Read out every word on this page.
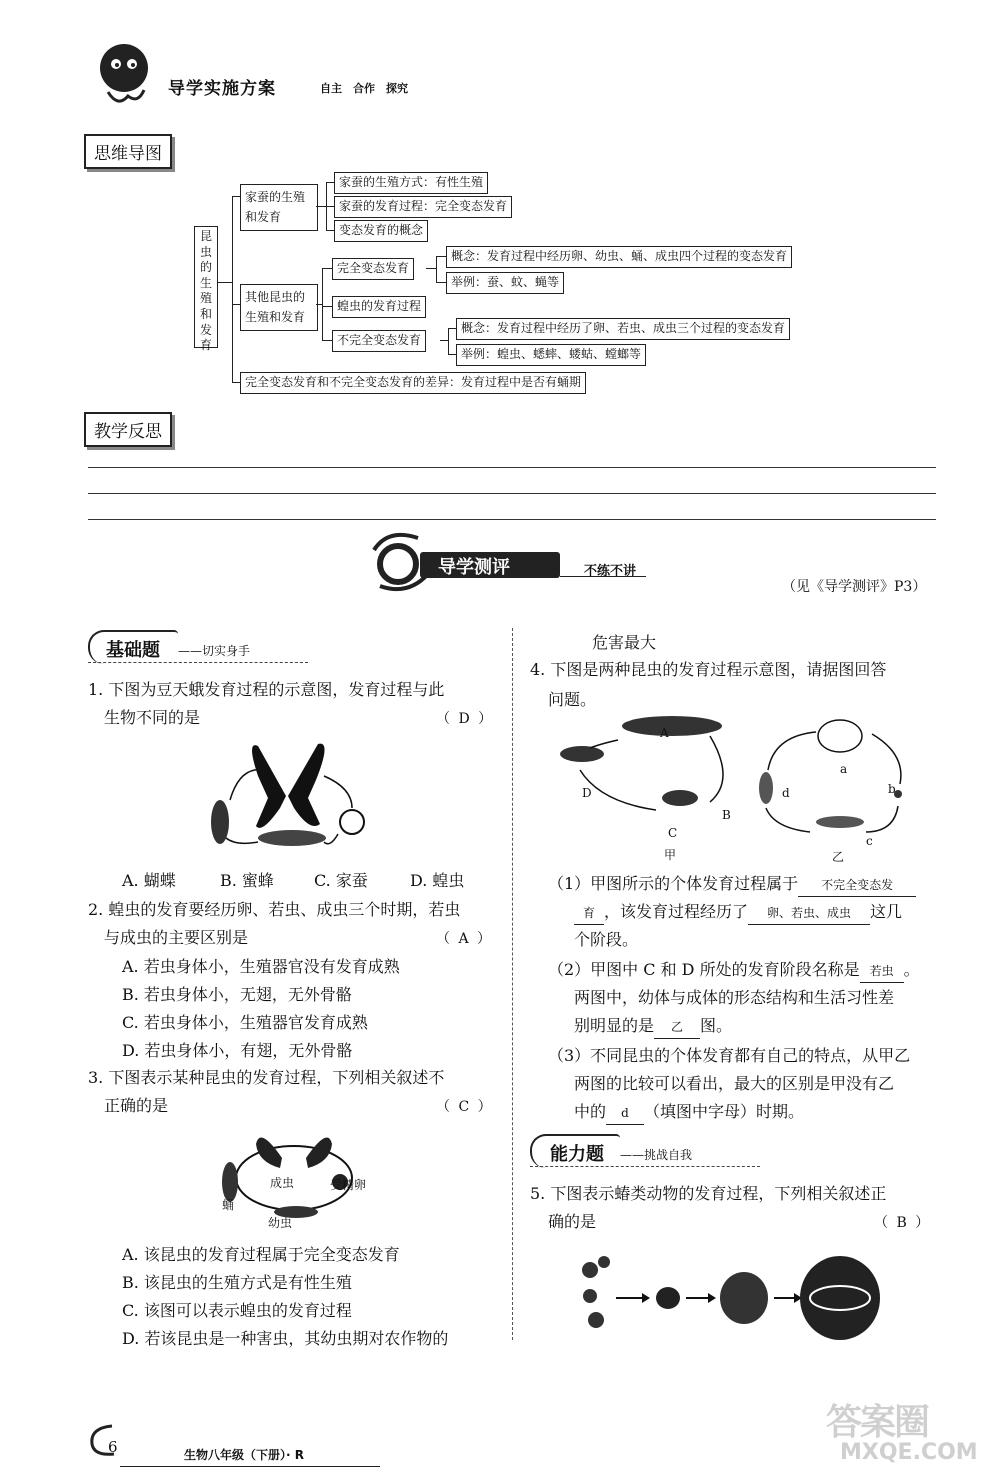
导学实施方案	自主　合作　探究
思维导图
昆虫的生殖和发育
家蚕的生殖和发育
家蚕的生殖方式：有性生殖
家蚕的发育过程：完全变态发育
变态发育的概念
其他昆虫的生殖和发育
完全变态发育
概念：发育过程中经历卵、幼虫、蛹、成虫四个过程的变态发育
举例：蚕、蚊、蝇等
蝗虫的发育过程
不完全变态发育
概念：发育过程中经历了卵、若虫、成虫三个过程的变态发育
举例：蝗虫、蟋蟀、蝼蛄、螳螂等
完全变态发育和不完全变态发育的差异：发育过程中是否有蛹期
教学反思
导学测评	不练不讲
（见《导学测评》P3）
基础题 ——切实身手
1. 下图为豆天蛾发育过程的示意图，发育过程与此
生物不同的是	（ D ）
A. 蝴蝶	B. 蜜蜂	C. 家蚕	D. 蝗虫
2. 蝗虫的发育要经历卵、若虫、成虫三个时期，若虫
与成虫的主要区别是	（ A ）
A. 若虫身体小，生殖器官没有发育成熟
B. 若虫身体小，无翅，无外骨骼
C. 若虫身体小，生殖器官发育成熟
D. 若虫身体小，有翅，无外骨骼
3. 下图表示某种昆虫的发育过程，下列相关叙述不
正确的是	（ C ）
成虫	受精卵
蛹
幼虫
A. 该昆虫的发育过程属于完全变态发育
B. 该昆虫的生殖方式是有性生殖
C. 该图可以表示蝗虫的发育过程
D. 若该昆虫是一种害虫，其幼虫期对农作物的
危害最大
4. 下图是两种昆虫的发育过程示意图，请据图回答
问题。
A
B
C
D
甲
a
b
c
d
乙
（1）甲图所示的个体发育过程属于 不完全变态发
育 ，该发育过程经历了 卵、若虫、成虫 这几
个阶段。
（2）甲图中 C 和 D 所处的发育阶段名称是 若虫 。
两图中，幼体与成体的形态结构和生活习性差
别明显的是 乙 图。
（3）不同昆虫的个体发育都有自己的特点，从甲乙
两图的比较可以看出，最大的区别是甲没有乙
中的 d （填图中字母）时期。
能力题 ——挑战自我
5. 下图表示蝽类动物的发育过程，下列相关叙述正
确的是	（ B ）
6	生物八年级（下册）· R
答案圈
MXQE.COM
